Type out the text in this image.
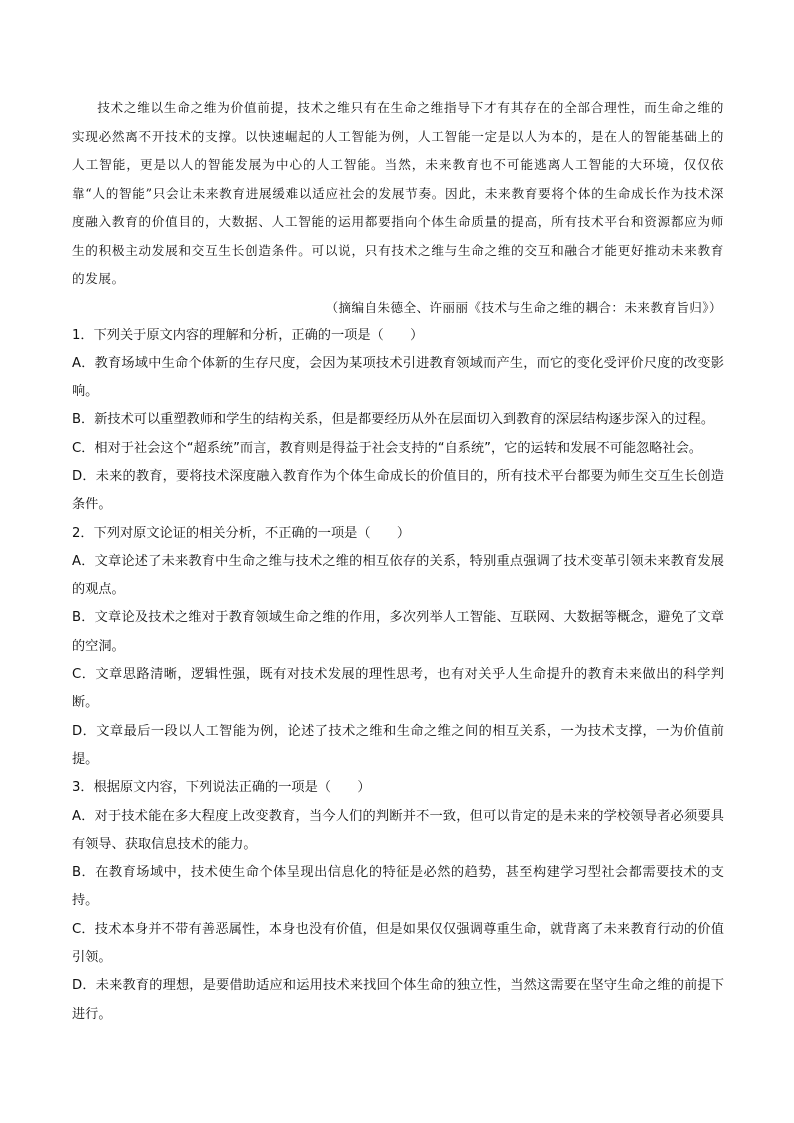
技术之维以生命之维为价值前提，技术之维只有在生命之维指导下才有其存在的全部合理性，而生命之维的实现必然离不开技术的支撑。以快速崛起的人工智能为例，人工智能一定是以人为本的，是在人的智能基础上的人工智能，更是以人的智能发展为中心的人工智能。当然，未来教育也不可能逃离人工智能的大环境，仅仅依靠“人的智能”只会让未来教育进展缓难以适应社会的发展节奏。因此，未来教育要将个体的生命成长作为技术深度融入教育的价值目的，大数据、人工智能的运用都要指向个体生命质量的提高，所有技术平台和资源都应为师生的积极主动发展和交互生长创造条件。可以说，只有技术之维与生命之维的交互和融合才能更好推动未来教育的发展。

（摘编自朱德全、许丽丽《技术与生命之维的耦合：未来教育旨归》）

1．下列关于原文内容的理解和分析，正确的一项是（　　）

A．教育场域中生命个体新的生存尺度，会因为某项技术引进教育领域而产生，而它的变化受评价尺度的改变影响。

B．新技术可以重塑教师和学生的结构关系，但是都要经历从外在层面切入到教育的深层结构逐步深入的过程。

C．相对于社会这个“超系统”而言，教育则是得益于社会支持的“自系统”，它的运转和发展不可能忽略社会。

D．未来的教育，要将技术深度融入教育作为个体生命成长的价值目的，所有技术平台都要为师生交互生长创造条件。

2．下列对原文论证的相关分析，不正确的一项是（　　）

A．文章论述了未来教育中生命之维与技术之维的相互依存的关系，特别重点强调了技术变革引领未来教育发展的观点。

B．文章论及技术之维对于教育领域生命之维的作用，多次列举人工智能、互联网、大数据等概念，避免了文章的空洞。

C．文章思路清晰，逻辑性强，既有对技术发展的理性思考，也有对关乎人生命提升的教育未来做出的科学判断。

D．文章最后一段以人工智能为例，论述了技术之维和生命之维之间的相互关系，一为技术支撑，一为价值前提。

3．根据原文内容，下列说法正确的一项是（　　）

A．对于技术能在多大程度上改变教育，当今人们的判断并不一致，但可以肯定的是未来的学校领导者必须要具有领导、获取信息技术的能力。

B．在教育场域中，技术使生命个体呈现出信息化的特征是必然的趋势，甚至构建学习型社会都需要技术的支持。

C．技术本身并不带有善恶属性，本身也没有价值，但是如果仅仅强调尊重生命，就背离了未来教育行动的价值引领。

D．未来教育的理想，是要借助适应和运用技术来找回个体生命的独立性，当然这需要在坚守生命之维的前提下进行。
